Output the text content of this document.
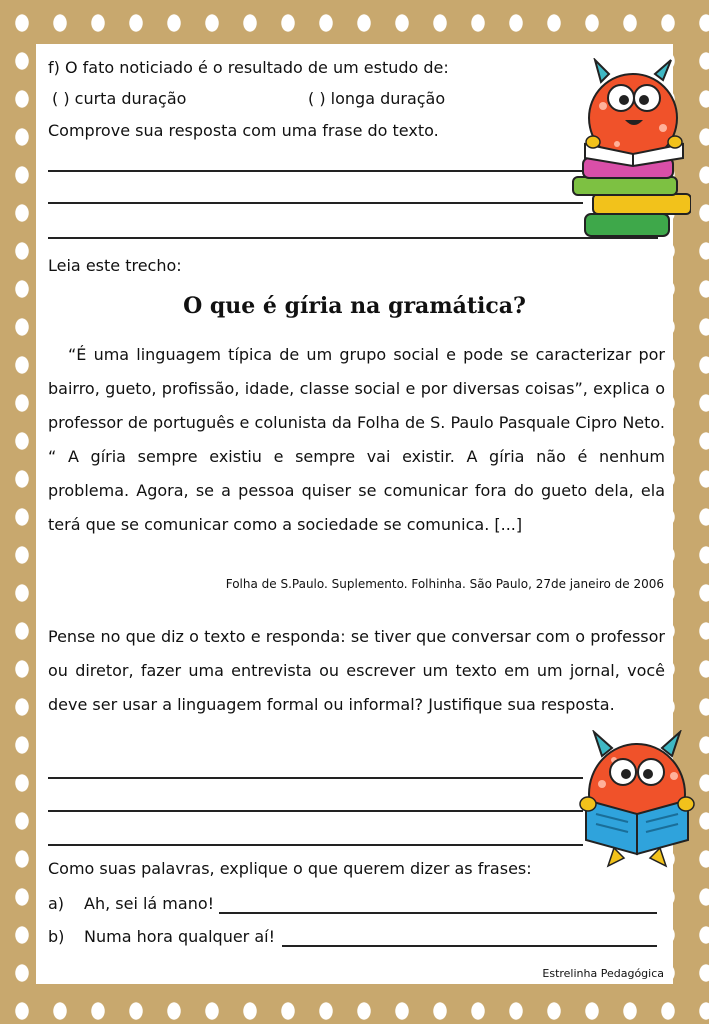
f) O fato noticiado é o resultado de um estudo de:
( ) curta duração	( ) longa duração
Comprove sua resposta com uma frase do texto.
Leia este trecho:
O que é gíria na gramática?
“É uma linguagem típica de um grupo social e pode se caracterizar por bairro, gueto, profissão, idade, classe social e por diversas coisas”, explica o professor de português e colunista da Folha de S. Paulo Pasquale Cipro Neto. “ A gíria sempre existiu e sempre vai existir. A gíria não é nenhum problema. Agora, se a pessoa quiser se comunicar fora do gueto dela, ela terá que se comunicar como a sociedade se comunica. [...]
Folha de S.Paulo. Suplemento. Folhinha. São Paulo, 27de janeiro de 2006
Pense no que diz o texto e responda: se tiver que conversar com o professor ou diretor, fazer uma entrevista ou escrever um texto em um jornal, você deve ser usar a linguagem formal ou informal? Justifique sua resposta.
Como suas palavras, explique o que querem dizer as frases:
a) Ah, sei lá mano!
b) Numa hora qualquer aí!
Estrelinha Pedagógica
